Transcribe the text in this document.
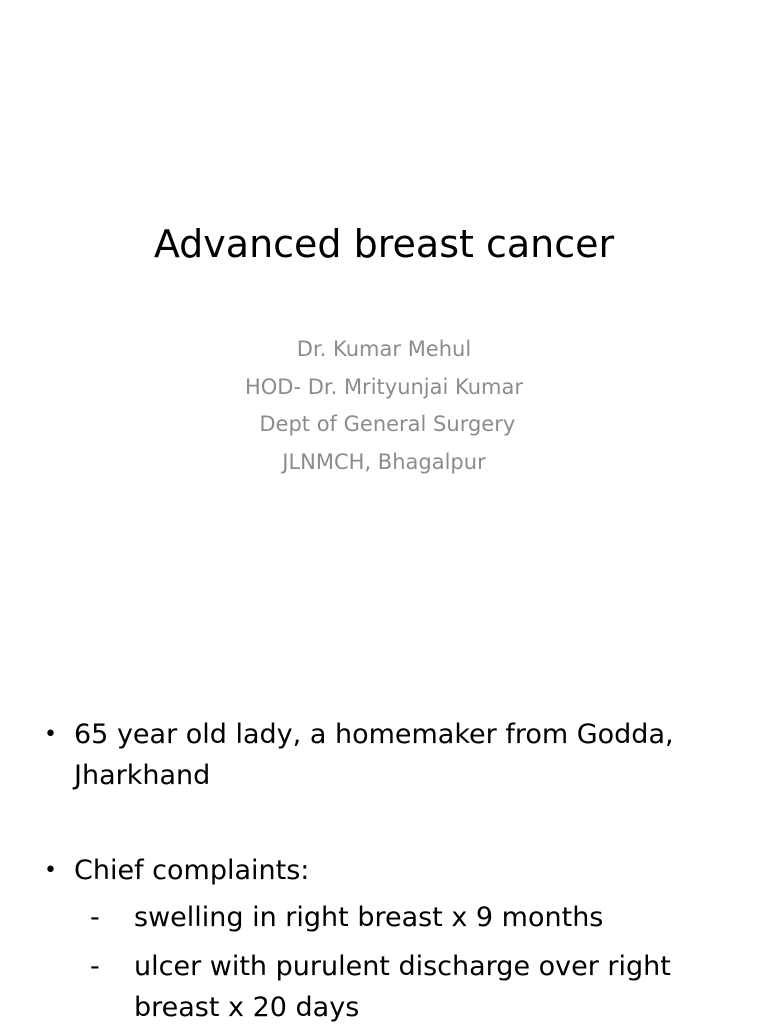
Advanced breast cancer
Dr. Kumar Mehul
HOD- Dr. Mrityunjai Kumar
Dept of General Surgery
JLNMCH, Bhagalpur
• 65 year old lady, a homemaker from Godda, Jharkhand
• Chief complaints:
- swelling in right breast x 9 months
- ulcer with purulent discharge over right breast x 20 days
